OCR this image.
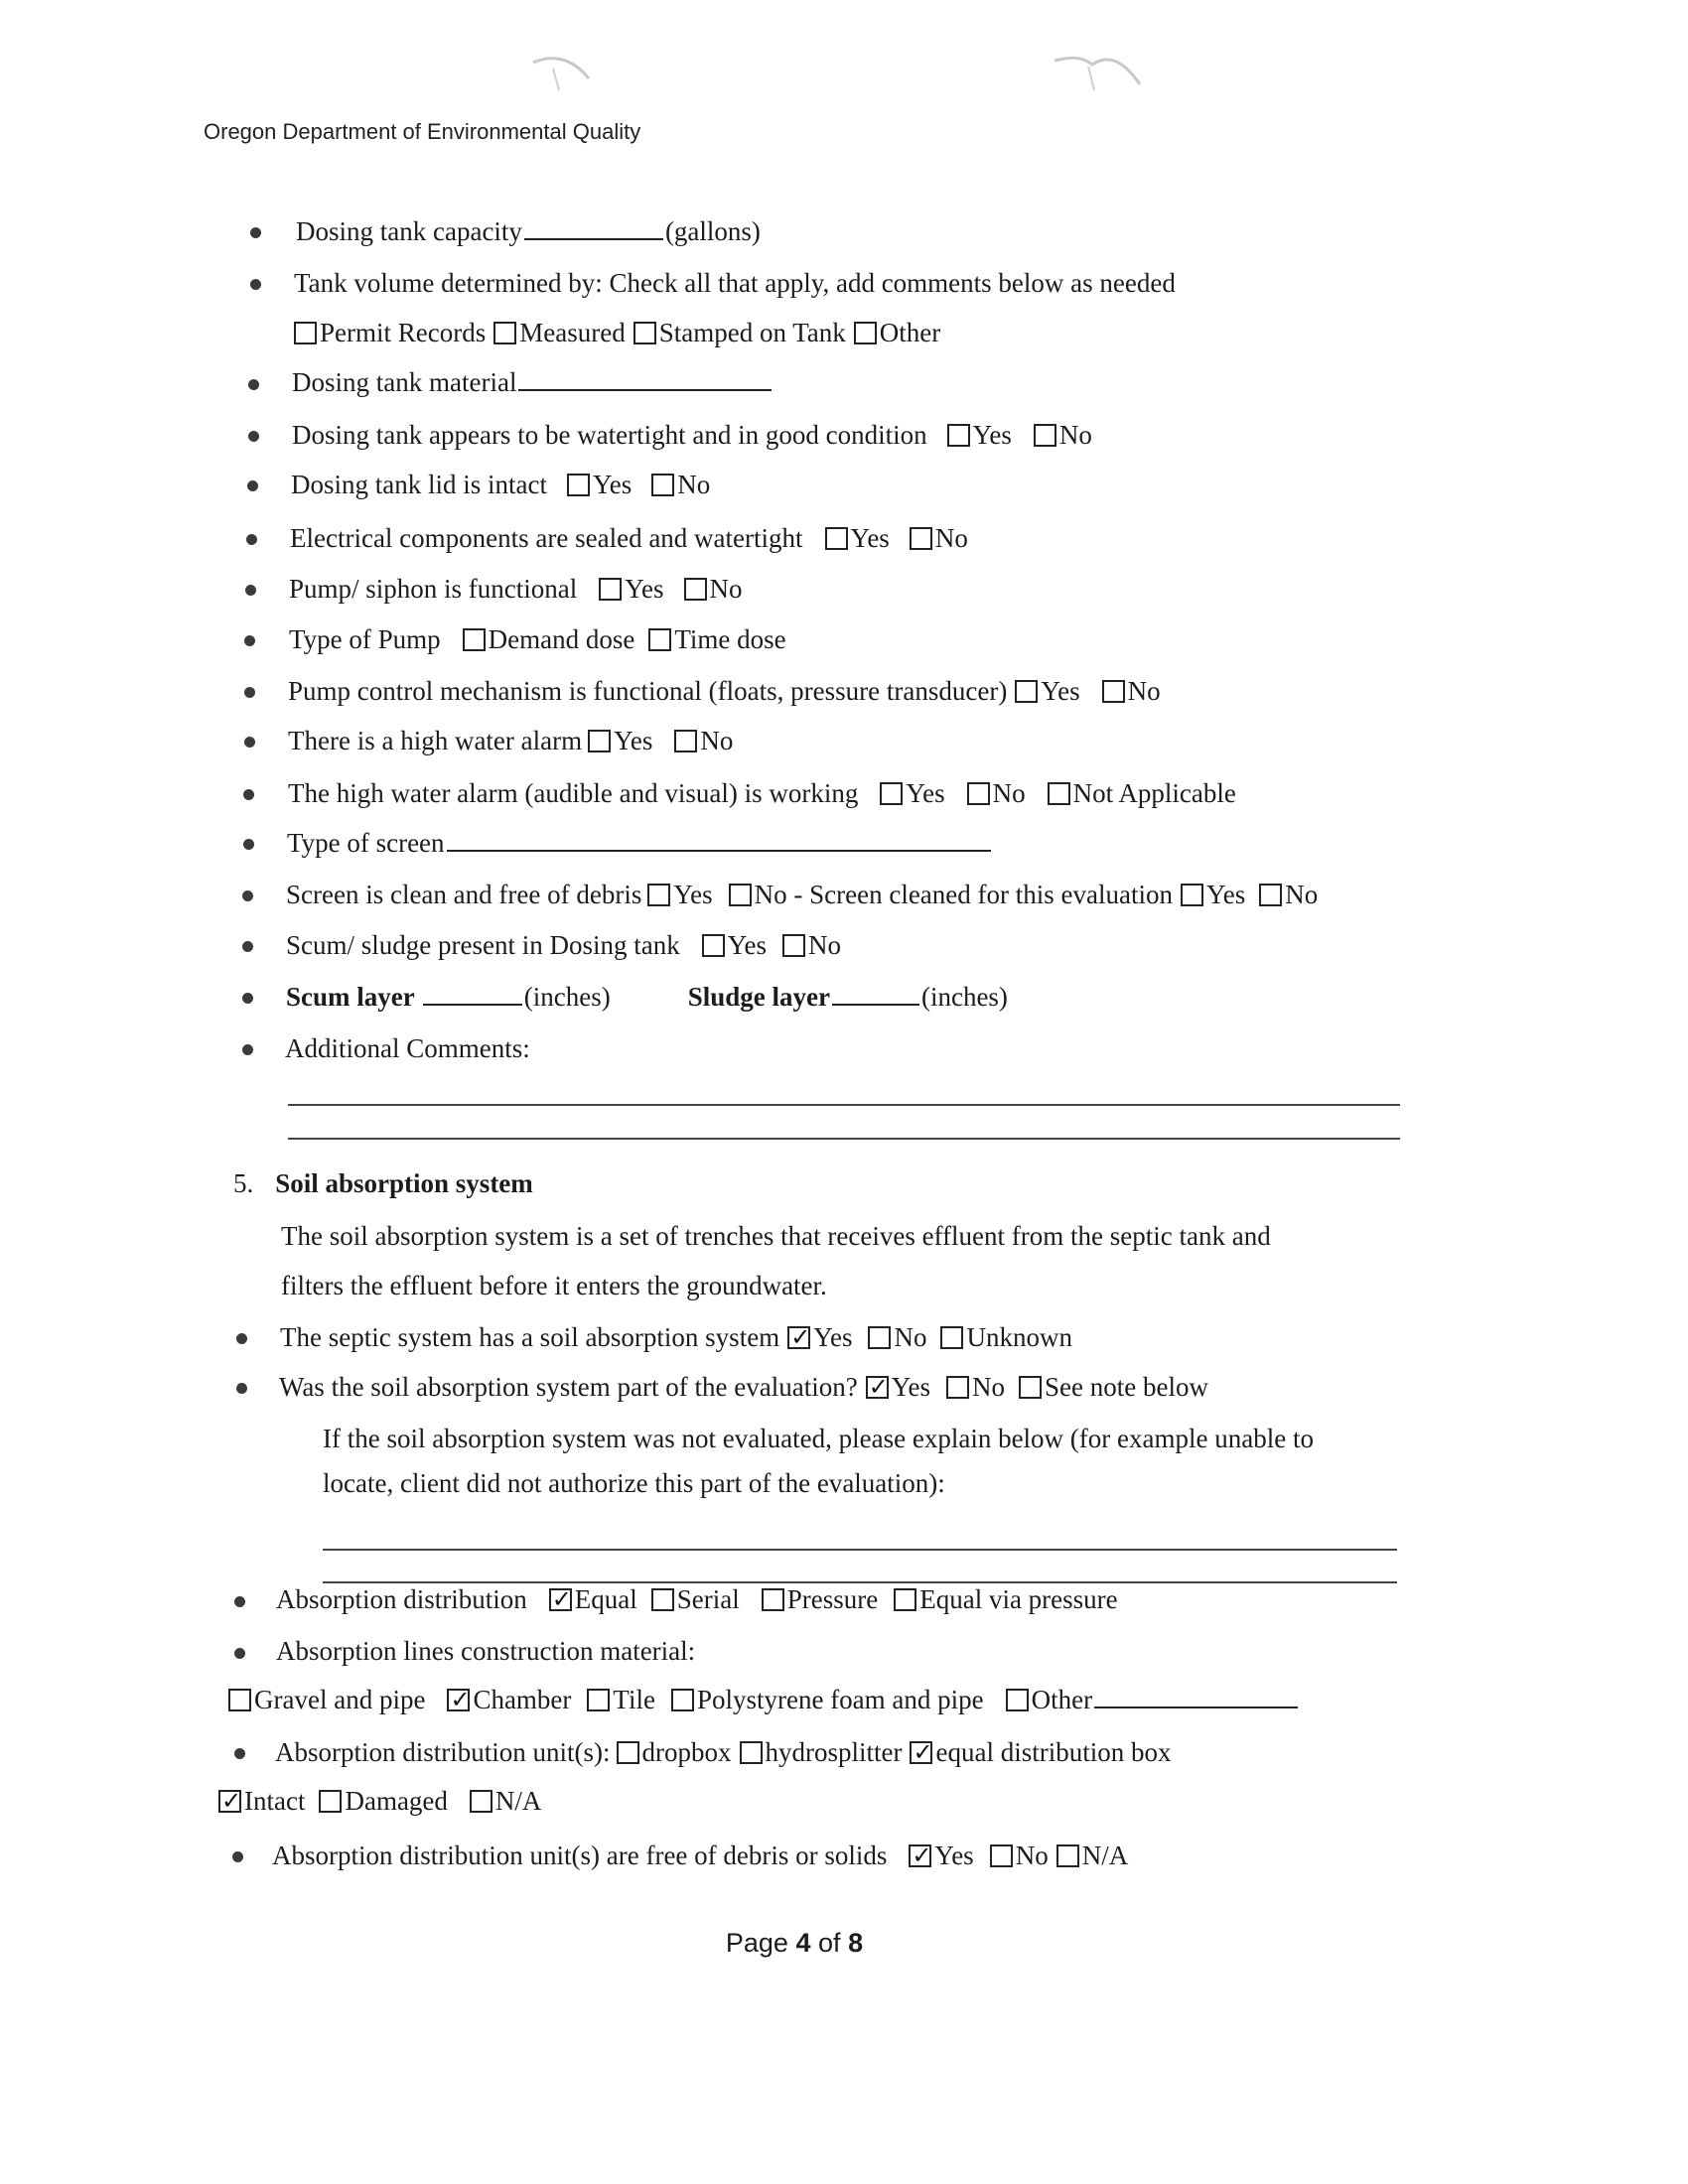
Oregon Department of Environmental Quality
Dosing tank capacity	(gallons)
Tank volume determined by: Check all that apply, add comments below as needed
Permit Records Measured Stamped on Tank Other
Dosing tank material
Dosing tank appears to be watertight and in good condition Yes No
Dosing tank lid is intact Yes No
Electrical components are sealed and watertight Yes No
Pump/ siphon is functional Yes No
Type of Pump Demand dose Time dose
Pump control mechanism is functional (floats, pressure transducer) Yes No
There is a high water alarm Yes No
The high water alarm (audible and visual) is working Yes No Not Applicable
Type of screen
Screen is clean and free of debris Yes No - Screen cleaned for this evaluation Yes No
Scum/ sludge present in Dosing tank Yes No
Scum layer	(inches)	Sludge layer	(inches)
Additional Comments:
5. Soil absorption system
The soil absorption system is a set of trenches that receives effluent from the septic tank and
filters the effluent before it enters the groundwater.
The septic system has a soil absorption system ✓ Yes No Unknown
Was the soil absorption system part of the evaluation? ✓ Yes No See note below
If the soil absorption system was not evaluated, please explain below (for example unable to
locate, client did not authorize this part of the evaluation):
Absorption distribution ✓ Equal Serial Pressure Equal via pressure
Absorption lines construction material:
Gravel and pipe ✓ Chamber Tile Polystyrene foam and pipe Other
Absorption distribution unit(s): dropbox hydrosplitter ✓ equal distribution box
✓
Intact Damaged N/A
Absorption distribution unit(s) are free of debris or solids ✓ Yes No N/A
Page 4 of 8
